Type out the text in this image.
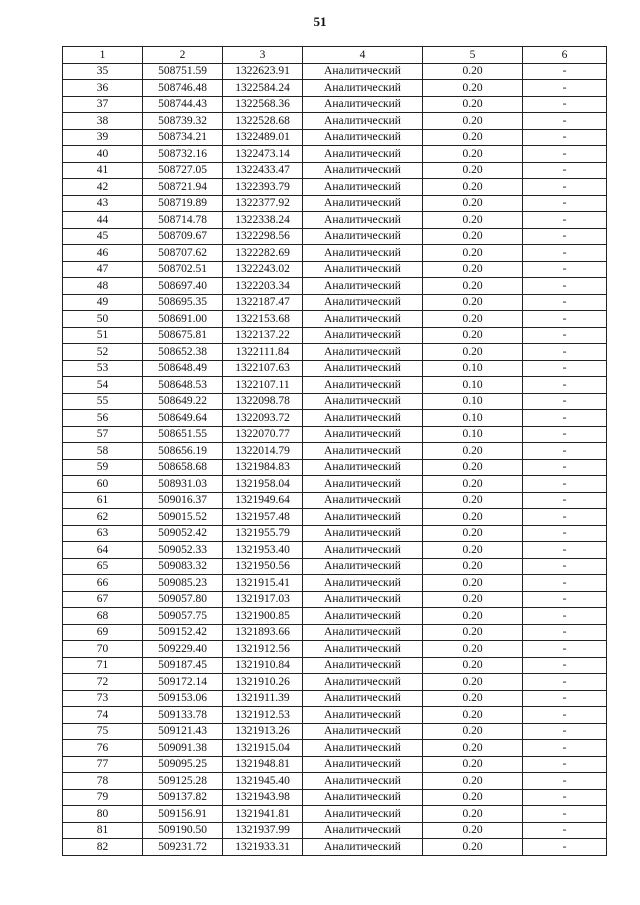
51
1	2	3	4	5	6
35	508751.59	1322623.91	Аналитический	0.20	-
36	508746.48	1322584.24	Аналитический	0.20	-
37	508744.43	1322568.36	Аналитический	0.20	-
38	508739.32	1322528.68	Аналитический	0.20	-
39	508734.21	1322489.01	Аналитический	0.20	-
40	508732.16	1322473.14	Аналитический	0.20	-
41	508727.05	1322433.47	Аналитический	0.20	-
42	508721.94	1322393.79	Аналитический	0.20	-
43	508719.89	1322377.92	Аналитический	0.20	-
44	508714.78	1322338.24	Аналитический	0.20	-
45	508709.67	1322298.56	Аналитический	0.20	-
46	508707.62	1322282.69	Аналитический	0.20	-
47	508702.51	1322243.02	Аналитический	0.20	-
48	508697.40	1322203.34	Аналитический	0.20	-
49	508695.35	1322187.47	Аналитический	0.20	-
50	508691.00	1322153.68	Аналитический	0.20	-
51	508675.81	1322137.22	Аналитический	0.20	-
52	508652.38	1322111.84	Аналитический	0.20	-
53	508648.49	1322107.63	Аналитический	0.10	-
54	508648.53	1322107.11	Аналитический	0.10	-
55	508649.22	1322098.78	Аналитический	0.10	-
56	508649.64	1322093.72	Аналитический	0.10	-
57	508651.55	1322070.77	Аналитический	0.10	-
58	508656.19	1322014.79	Аналитический	0.20	-
59	508658.68	1321984.83	Аналитический	0.20	-
60	508931.03	1321958.04	Аналитический	0.20	-
61	509016.37	1321949.64	Аналитический	0.20	-
62	509015.52	1321957.48	Аналитический	0.20	-
63	509052.42	1321955.79	Аналитический	0.20	-
64	509052.33	1321953.40	Аналитический	0.20	-
65	509083.32	1321950.56	Аналитический	0.20	-
66	509085.23	1321915.41	Аналитический	0.20	-
67	509057.80	1321917.03	Аналитический	0.20	-
68	509057.75	1321900.85	Аналитический	0.20	-
69	509152.42	1321893.66	Аналитический	0.20	-
70	509229.40	1321912.56	Аналитический	0.20	-
71	509187.45	1321910.84	Аналитический	0.20	-
72	509172.14	1321910.26	Аналитический	0.20	-
73	509153.06	1321911.39	Аналитический	0.20	-
74	509133.78	1321912.53	Аналитический	0.20	-
75	509121.43	1321913.26	Аналитический	0.20	-
76	509091.38	1321915.04	Аналитический	0.20	-
77	509095.25	1321948.81	Аналитический	0.20	-
78	509125.28	1321945.40	Аналитический	0.20	-
79	509137.82	1321943.98	Аналитический	0.20	-
80	509156.91	1321941.81	Аналитический	0.20	-
81	509190.50	1321937.99	Аналитический	0.20	-
82	509231.72	1321933.31	Аналитический	0.20	-
